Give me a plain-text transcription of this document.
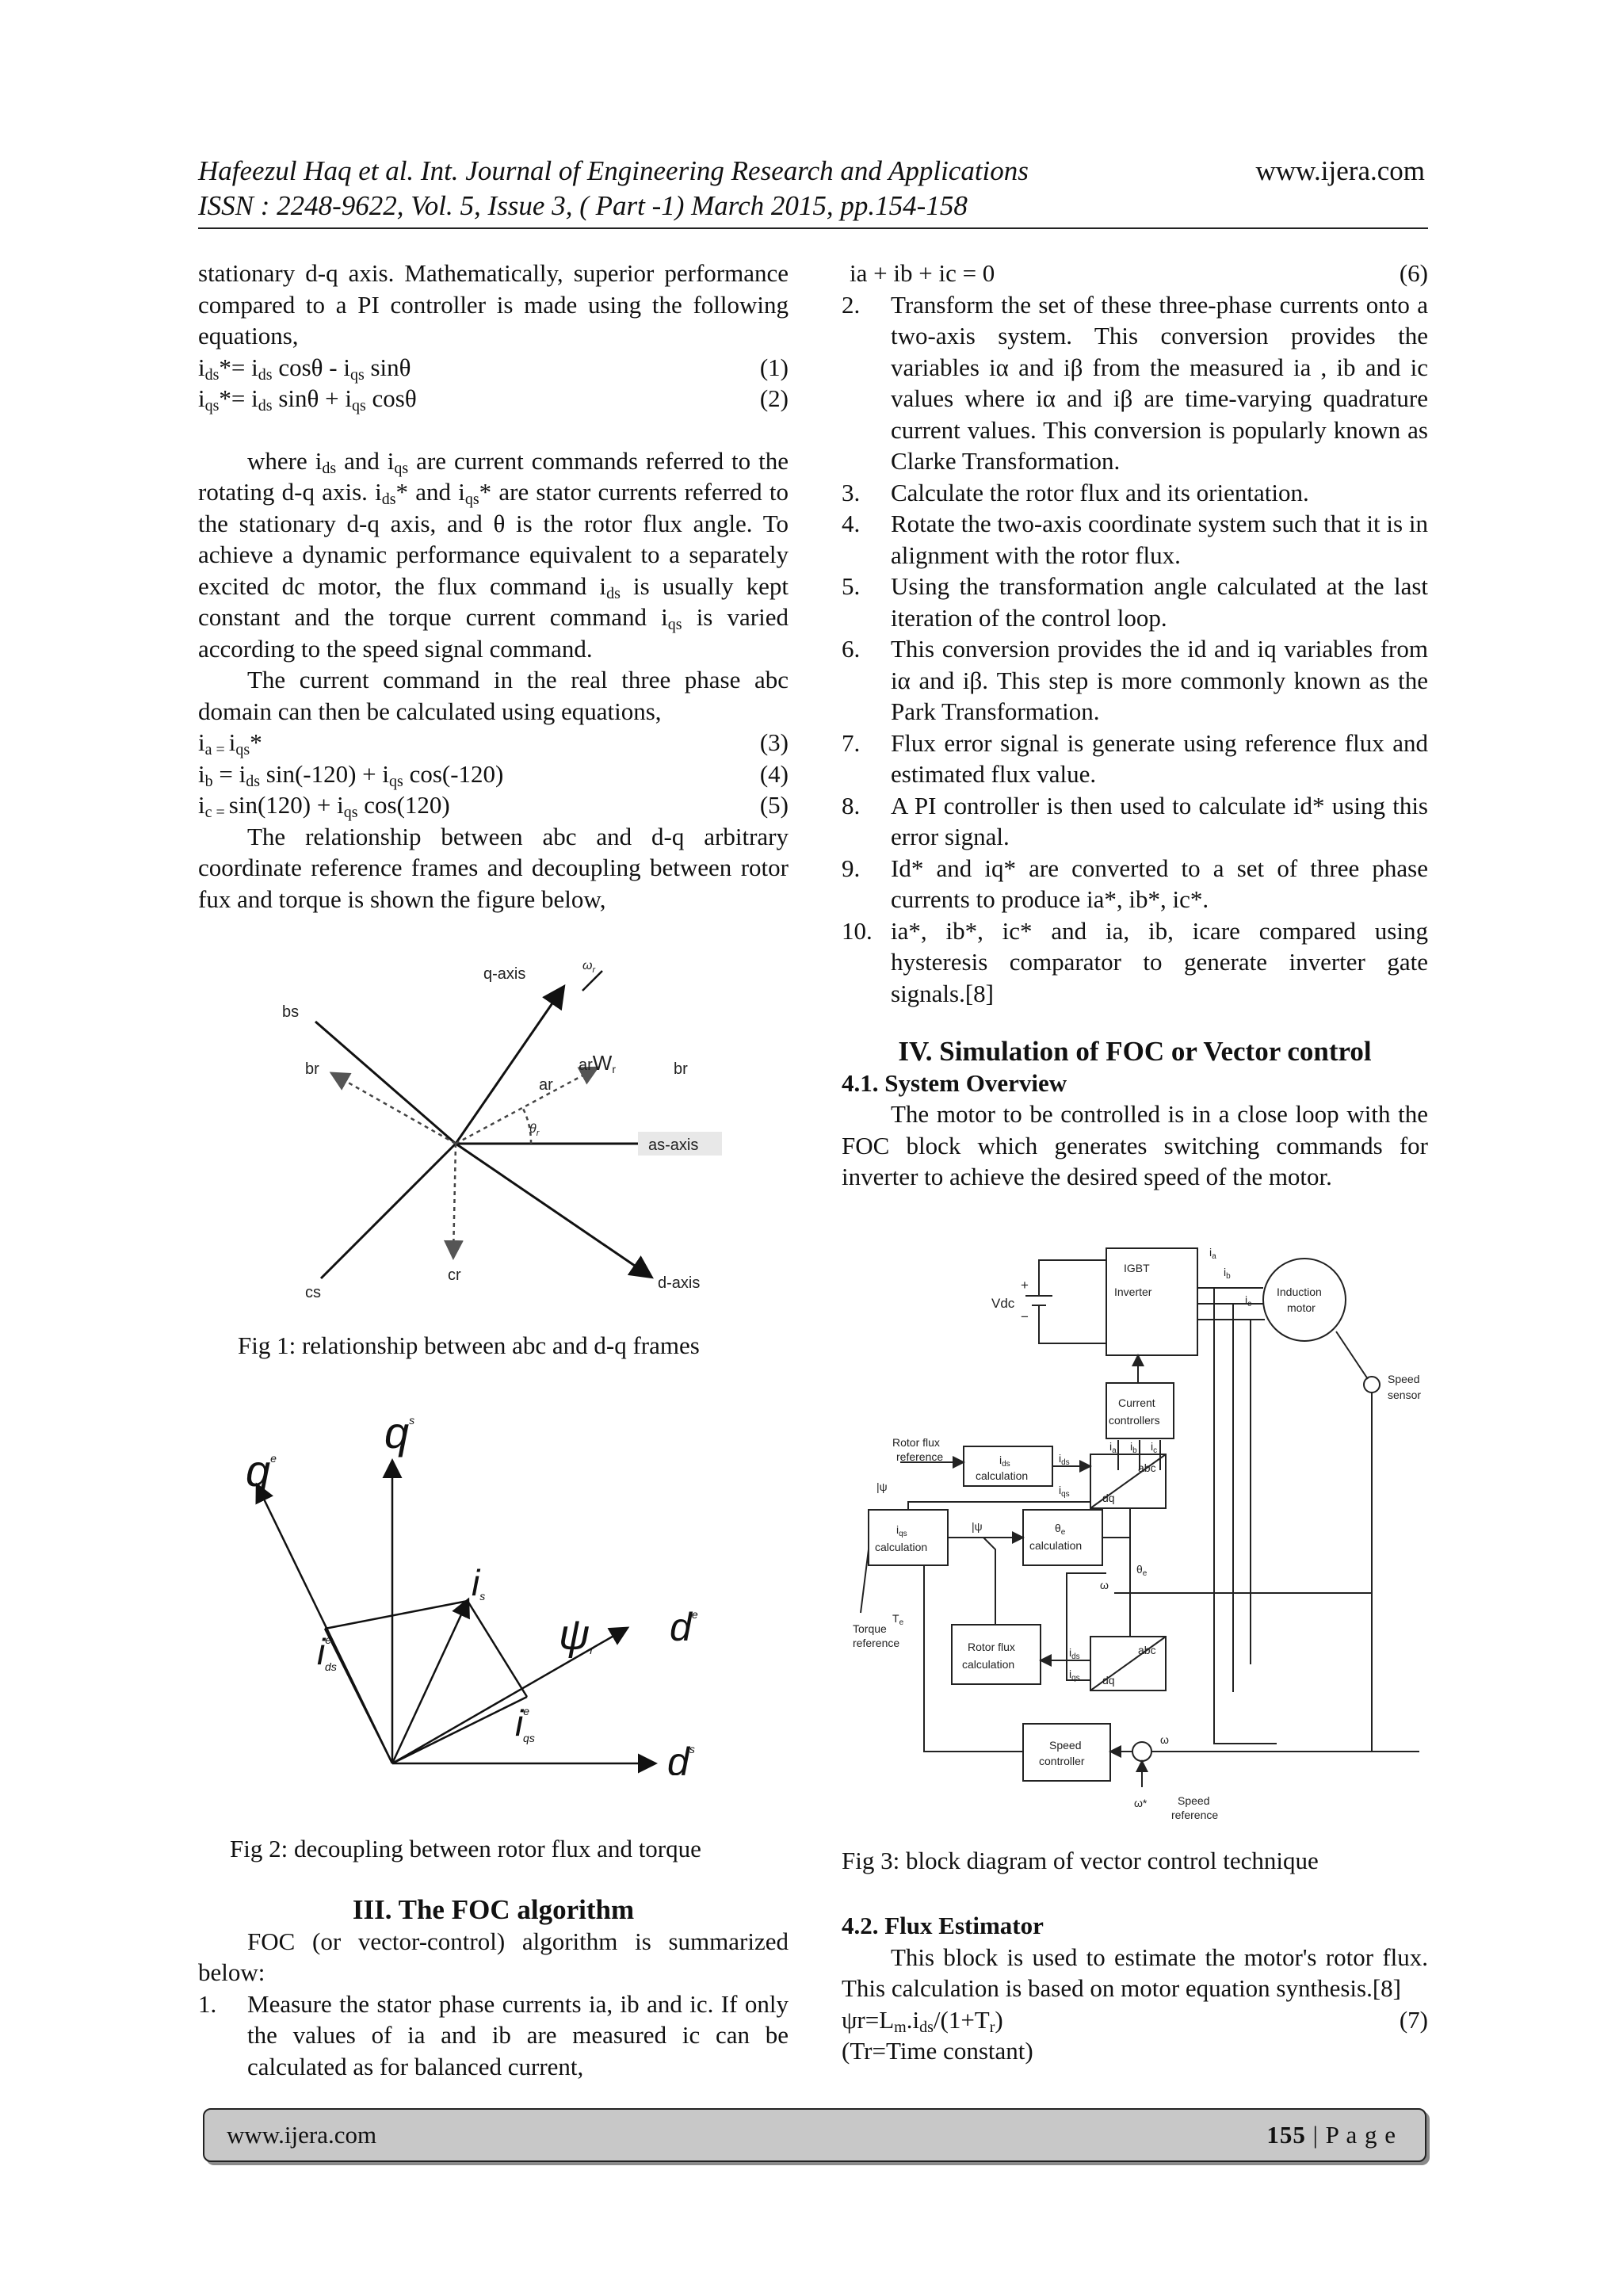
Hafeezul Haq et al. Int. Journal of Engineering Research and Applications	www.ijera.com
ISSN : 2248-9622, Vol. 5, Issue 3, ( Part -1) March 2015, pp.154-158
stationary d-q axis. Mathematically, superior performance compared to a PI controller is made using the following equations,
$i_{ds}*= i_{ds}$ cosθ - $i_{qs}$ sinθ	(1)
$i_{qs}*= i_{ds}$ $\sin\theta + i_{qs}$ cosθ	(2)
where $i_{ds}$ and $i_{qs}$ are current commands referred to the rotating d-q axis. $i_{ds}*$ and $i_{qs}*$ are stator currents referred to the stationary d-q axis, and θ is the rotor flux angle. To achieve a dynamic performance equivalent to a separately excited dc motor, the flux command $i_{ds}$ is usually kept constant and the torque current command $i_{qs}$ is varied according to the speed signal command.
The current command in the real three phase abc domain can then be calculated using equations,
$i_{a =}$ $i_{qs}*$	(3)
$i_b = i_{ds}$ $\sin(-120) + i_{qs}$ cos(-120)	(4)
$i_{c =}$ $\sin(120) + i_{qs}$ cos(120)	(5)
The relationship between abc and d-q arbitrary coordinate reference frames and decoupling between rotor fux and torque is shown the figure below,
q-axis	$\omega_r$
bs
br
ar
arW$_r$	br
$\theta_r$
as-axis
cs
cr	d-axis
Fig 1: relationship between abc and d-q frames
$q^e$
$q^s$
is
ψr
$d^e$
$d^s$
$i^e$ ds
$i^e$ qs
Fig 2: decoupling between rotor flux and torque
III. The FOC algorithm
FOC (or vector-control) algorithm is summarized below:
1.	Measure the stator phase currents ia, ib and ic. If only the values of ia and ib are measured ic can be calculated as for balanced current,
ia + ib + ic = 0	(6)
2.	Transform the set of these three-phase currents onto a two-axis system. This conversion provides the variables iα and iβ from the measured ia , ib and ic values where iα and iβ are time-varying quadrature current values. This conversion is popularly known as Clarke Transformation.
3.	Calculate the rotor flux and its orientation.
4.	Rotate the two-axis coordinate system such that it is in alignment with the rotor flux.
5.	Using the transformation angle calculated at the last iteration of the control loop.
6.	This conversion provides the id and iq variables from iα and iβ. This step is more commonly known as the Park Transformation.
7.	Flux error signal is generate using reference flux and estimated flux value.
8.	A PI controller is then used to calculate id* using this error signal.
9.	Id* and iq* are converted to a set of three phase currents to produce ia*, ib*, ic*.
10. ia*, ib*, ic* and ia, ib, icare compared using hysteresis comparator to generate inverter gate signals.[8]
IV. Simulation of FOC or Vector control
4.1. System Overview
The motor to be controlled is in a close loop with the FOC block which generates switching commands for inverter to achieve the desired speed of the motor.
Vdc
+
−
IGBT
Inverter
$i_a$
$i_b$
$i_c$
Induction
motor
Speed
sensor
Current
controllers
$i_a$ $i_b$ $i_c$
Rotor flux
reference
|ψ
$i_{ds}$
calculation
$i_{ds}$
$i_{qs}$
abc
dq
$i_{qs}$
calculation
|ψ	$\theta_e$
calculation
$\theta_e$
ω
Torque
reference
$T_e$
Rotor flux
calculation
$i_{ds}$
$i_{qs}$
abc
dq
Speed
controller
ω
ω*	Speed
reference
Fig 3: block diagram of vector control technique
4.2. Flux Estimator
This block is used to estimate the motor's rotor flux. This calculation is based on motor equation synthesis.[8]
$\psi r=L_m.i_{ds}/(1+T_r)$	(7)
(Tr=Time constant)
www.ijera.com	155 | P a g e
